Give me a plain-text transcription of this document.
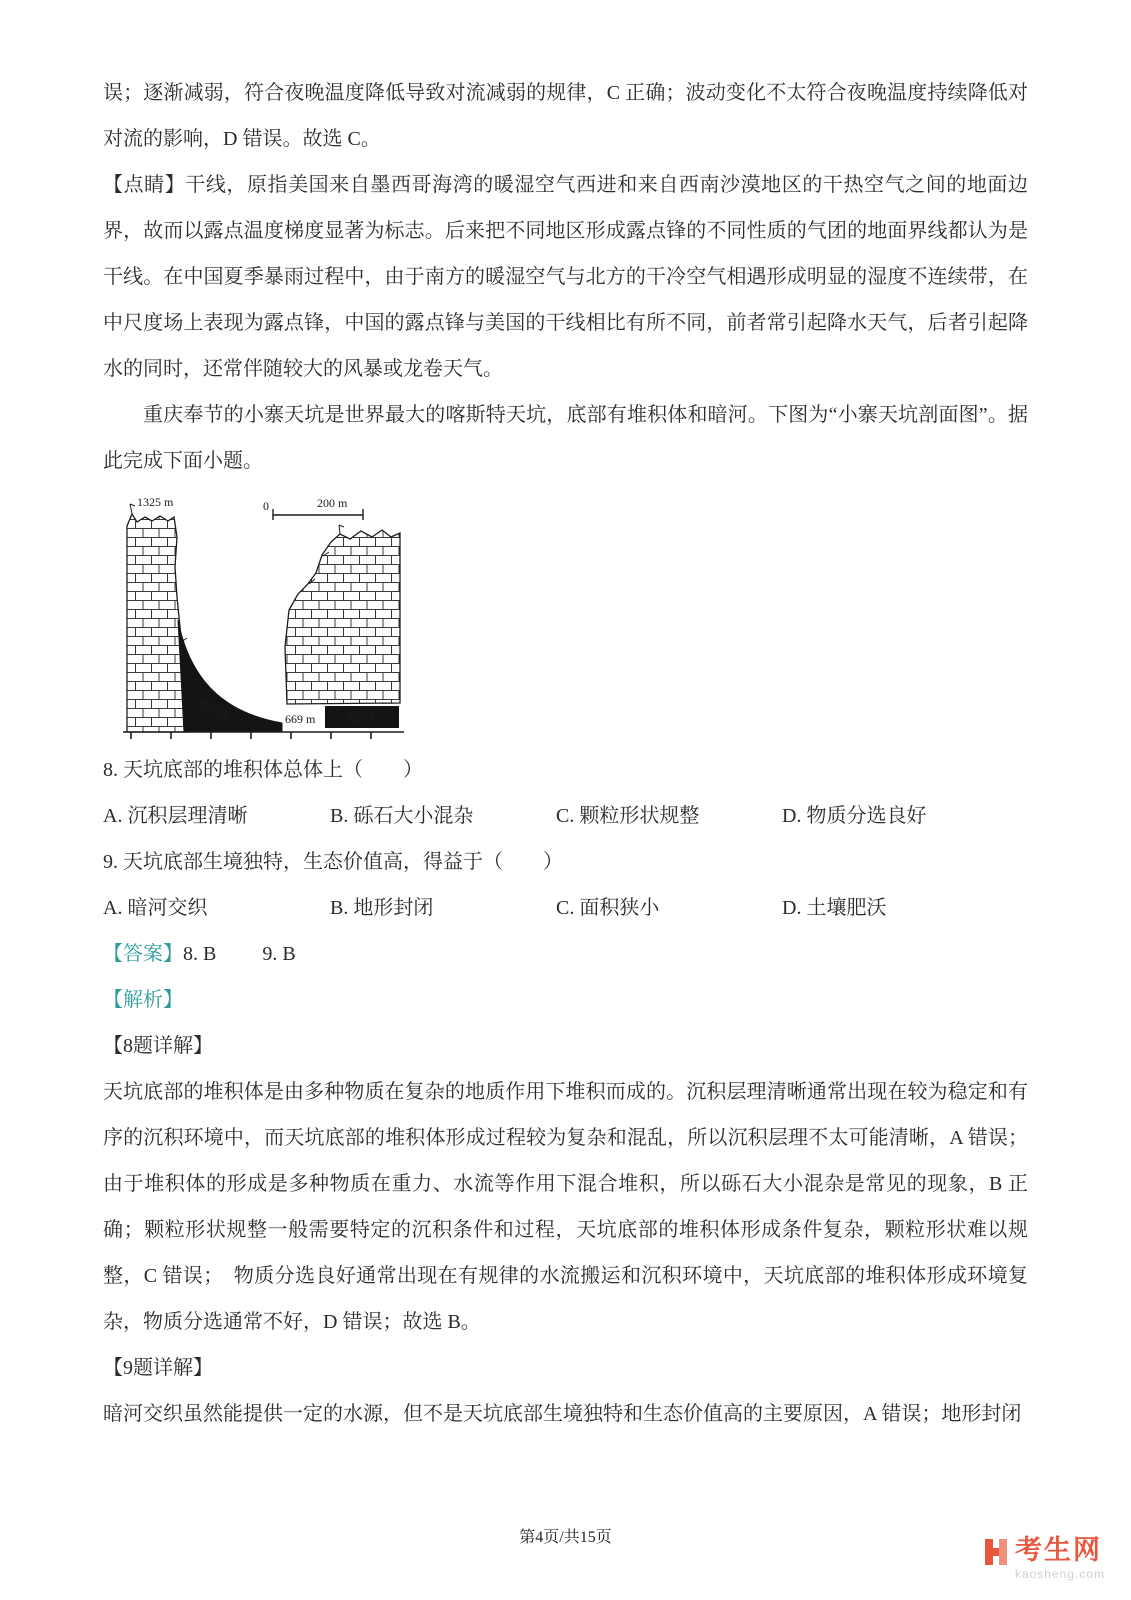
误；逐渐减弱，符合夜晚温度降低导致对流减弱的规律，C 正确；波动变化不太符合夜晚温度持续降低对对流的影响，D 错误。故选 C。

【点睛】干线，原指美国来自墨西哥海湾的暖湿空气西进和来自西南沙漠地区的干热空气之间的地面边界，故而以露点温度梯度显著为标志。后来把不同地区形成露点锋的不同性质的气团的地面界线都认为是干线。在中国夏季暴雨过程中，由于南方的暖湿空气与北方的干冷空气相遇形成明显的湿度不连续带，在中尺度场上表现为露点锋，中国的露点锋与美国的干线相比有所不同，前者常引起降水天气，后者引起降水的同时，还常伴随较大的风暴或龙卷天气。

重庆奉节的小寨天坑是世界最大的喀斯特天坑，底部有堆积体和暗河。下图为“小寨天坑剖面图”。据此完成下面小题。

1325 m	0	200 m
堆积体	669 m	暗河

8. 天坑底部的堆积体总体上（　　）

A. 沉积层理清晰	B. 砾石大小混杂	C. 颗粒形状规整	D. 物质分选良好

9. 天坑底部生境独特，生态价值高，得益于（　　）

A. 暗河交织	B. 地形封闭	C. 面积狭小	D. 土壤肥沃

【答案】8. B 9. B

【解析】

【8题详解】

天坑底部的堆积体是由多种物质在复杂的地质作用下堆积而成的。沉积层理清晰通常出现在较为稳定和有序的沉积环境中，而天坑底部的堆积体形成过程较为复杂和混乱，所以沉积层理不太可能清晰，A 错误；由于堆积体的形成是多种物质在重力、水流等作用下混合堆积，所以砾石大小混杂是常见的现象，B 正确；颗粒形状规整一般需要特定的沉积条件和过程，天坑底部的堆积体形成条件复杂，颗粒形状难以规整，C 错误；　物质分选良好通常出现在有规律的水流搬运和沉积环境中，天坑底部的堆积体形成环境复杂，物质分选通常不好，D 错误；故选 B。

【9题详解】

暗河交织虽然能提供一定的水源，但不是天坑底部生境独特和生态价值高的主要原因，A 错误；地形封闭

第4页/共15页	考生网
kaosheng.com
